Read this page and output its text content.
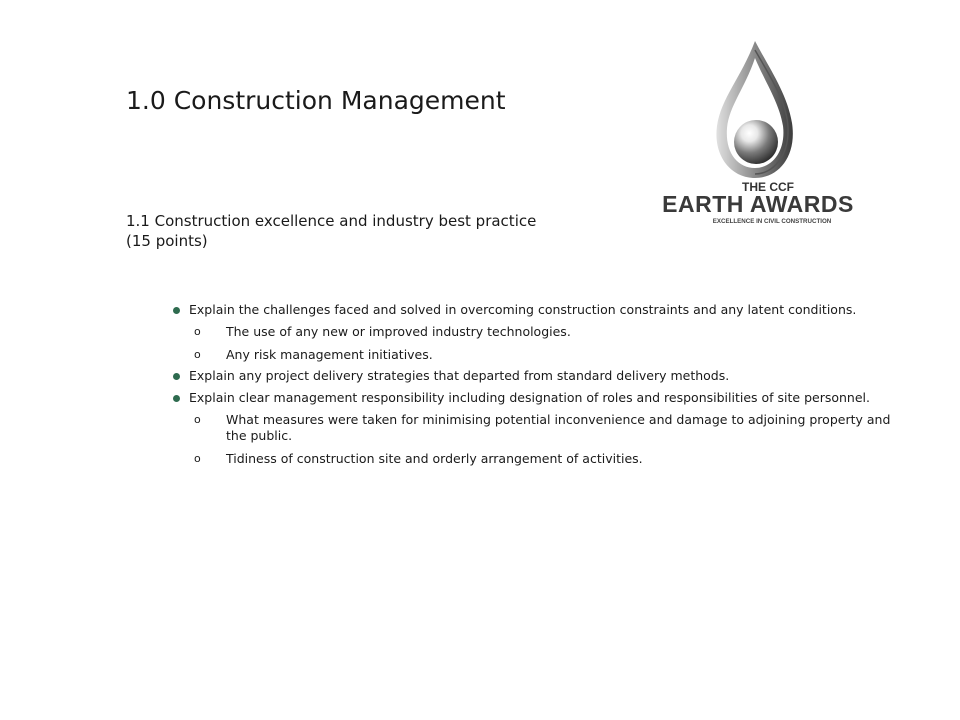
1.0 Construction Management
1.1 Construction excellence and industry best practice
(15 points)
THE CCF
EARTH AWARDS
EXCELLENCE IN CIVIL CONSTRUCTION
Explain the challenges faced and solved in overcoming construction constraints and any latent conditions.
o The use of any new or improved industry technologies.
o Any risk management initiatives.
Explain any project delivery strategies that departed from standard delivery methods.
Explain clear management responsibility including designation of roles and responsibilities of site personnel.
o What measures were taken for minimising potential inconvenience and damage to adjoining property and the public.
o Tidiness of construction site and orderly arrangement of activities.
